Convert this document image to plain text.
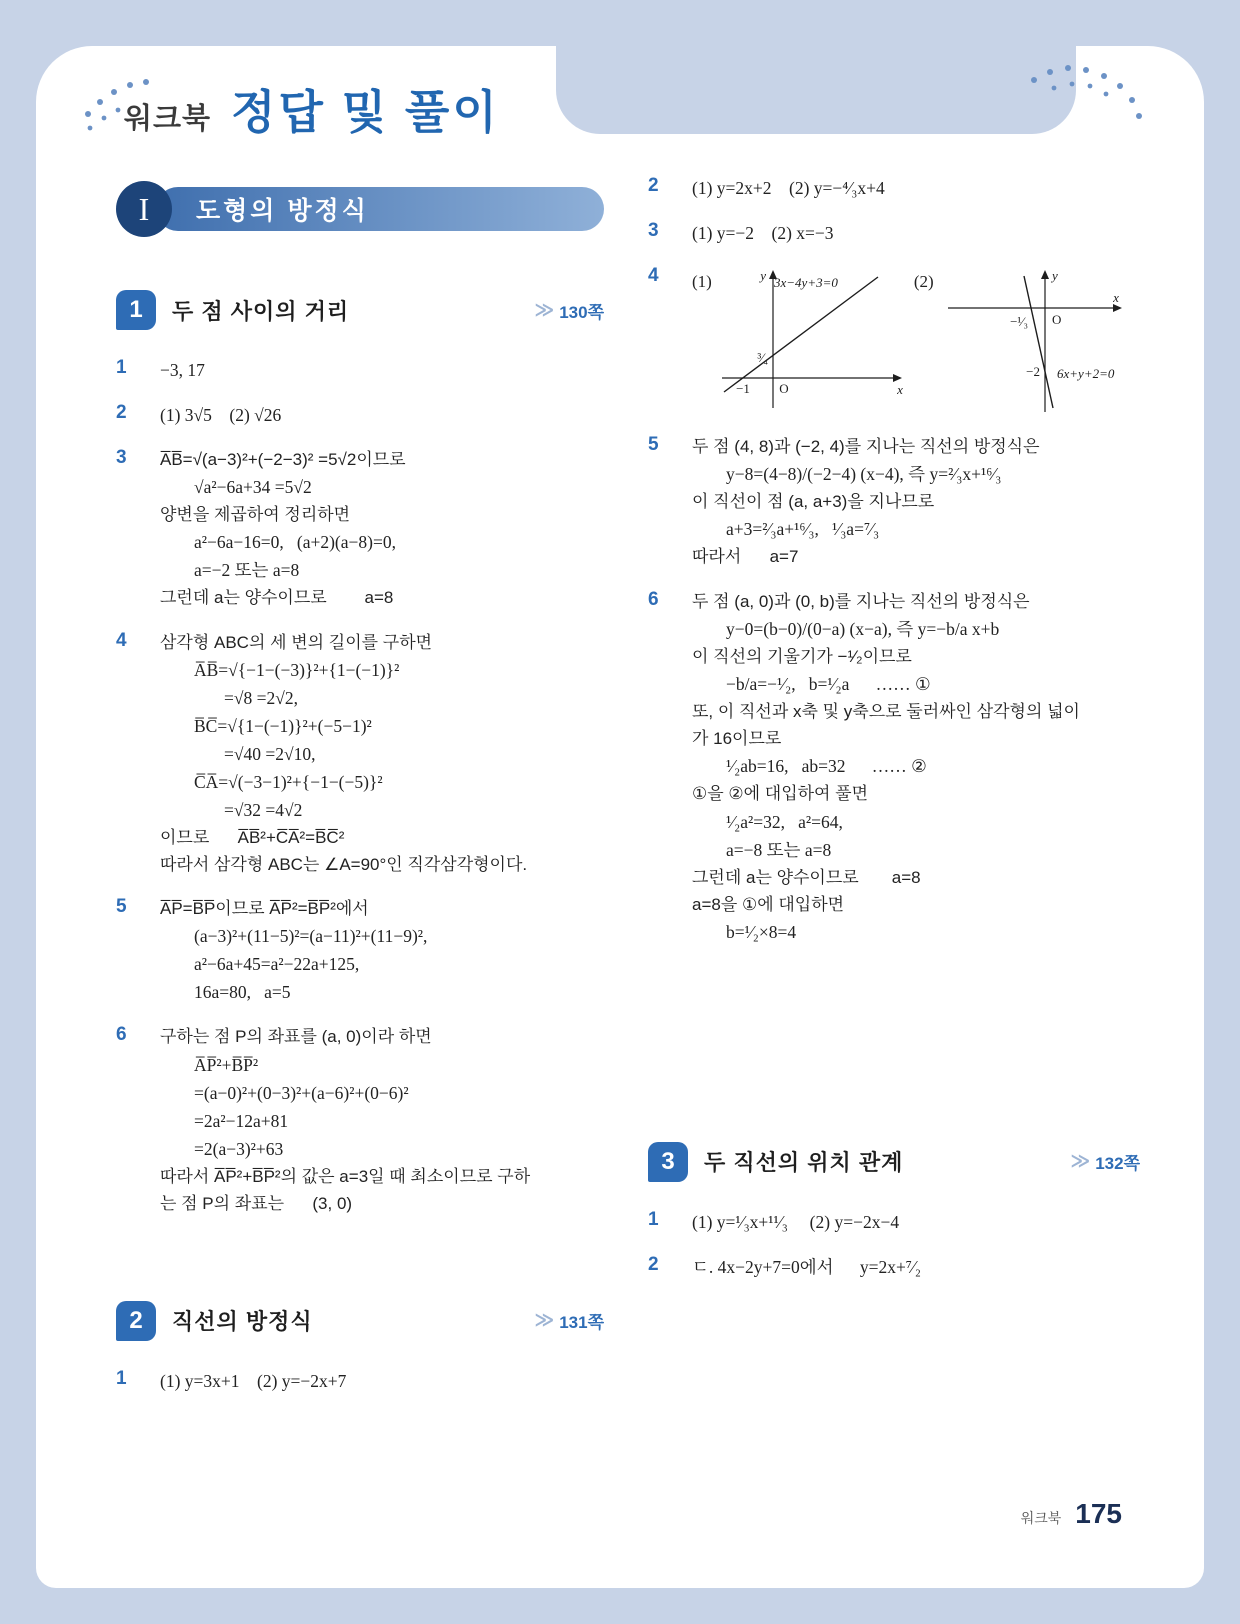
워크북 정답 및 풀이
I	도형의 방정식
1	두 점 사이의 거리	≫ 130쪽
1	−3, 17
2	(1) 3√5    (2) √26
3	A̅B̅=√(a−3)²+(−2−3)² =5√2이므로
√a²−6a+34 =5√2
양변을 제곱하여 정리하면
a²−6a−16=0,   (a+2)(a−8)=0,
a=−2 또는 a=8
그런데 a는 양수이므로        a=8
4	삼각형 ABC의 세 변의 길이를 구하면
A̅B̅=√{−1−(−3)}²+{1−(−1)}²
=√8 =2√2,
B̅C̅=√{1−(−1)}²+(−5−1)²
=√40 =2√10,
C̅A̅=√(−3−1)²+{−1−(−5)}²
=√32 =4√2
이므로      A̅B̅²+C̅A̅²=B̅C̅²
따라서 삼각형 ABC는 ∠A=90°인 직각삼각형이다.
5	A̅P̅=B̅P̅이므로 A̅P̅²=B̅P̅²에서
(a−3)²+(11−5)²=(a−11)²+(11−9)²,
a²−6a+45=a²−22a+125,
16a=80,   a=5
6	구하는 점 P의 좌표를 (a, 0)이라 하면
A̅P̅²+B̅P̅²
=(a−0)²+(0−3)²+(a−6)²+(0−6)²
=2a²−12a+81
=2(a−3)²+63
따라서 A̅P̅²+B̅P̅²의 값은 a=3일 때 최소이므로 구하
는 점 P의 좌표는      (3, 0)
2	직선의 방정식	≫ 131쪽
1	(1) y=3x+1    (2) y=−2x+7
2	(1) y=2x+2    (2) y=−⁴⁄₃x+4
3	(1) y=−2    (2) x=−3
4	(1)	3x−4y+3=0
³⁄₄
−1 O	x
y	(2)
6x+y+2=0
−¹⁄₃ O
−2
x
y
5	두 점 (4, 8)과 (−2, 4)를 지나는 직선의 방정식은
y−8=(4−8)/(−2−4) (x−4), 즉 y=²⁄₃x+¹⁶⁄₃
이 직선이 점 (a, a+3)을 지나므로
a+3=²⁄₃a+¹⁶⁄₃,   ¹⁄₃a=⁷⁄₃
따라서      a=7
6	두 점 (a, 0)과 (0, b)를 지나는 직선의 방정식은
y−0=(b−0)/(0−a) (x−a), 즉 y=−b/a x+b
이 직선의 기울기가 −¹⁄₂이므로
−b/a=−¹⁄₂,   b=¹⁄₂a      …… ①
또, 이 직선과 x축 및 y축으로 둘러싸인 삼각형의 넓이
가 16이므로
¹⁄₂ab=16,   ab=32      …… ②
①을 ②에 대입하여 풀면
¹⁄₂a²=32,   a²=64,
a=−8 또는 a=8
그런데 a는 양수이므로       a=8
a=8을 ①에 대입하면
b=¹⁄₂×8=4
3	두 직선의 위치 관계	≫ 132쪽
1	(1) y=¹⁄₃x+¹¹⁄₃     (2) y=−2x−4
2	ㄷ. 4x−2y+7=0에서      y=2x+⁷⁄₂
워크북 175
